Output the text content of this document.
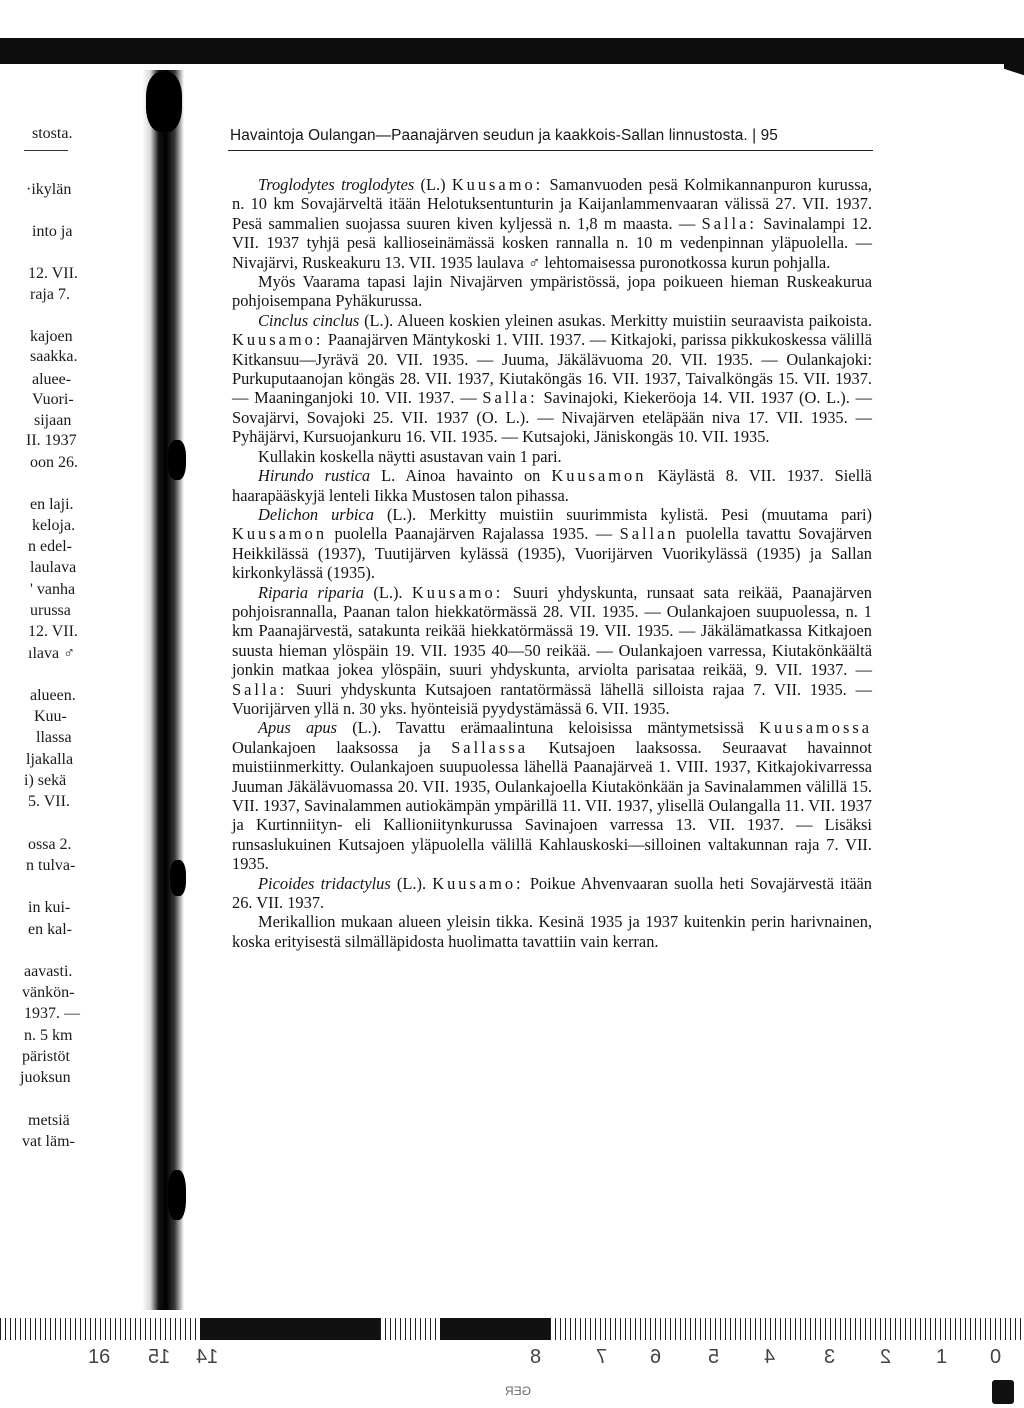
stosta.
·ikylän
into ja
12. VII.
raja 7.
kajoen
saakka.
aluee-
Vuori-
sijaan
II. 1937
oon 26.
en laji.
keloja.
n edel-
laulava
' vanha
urussa
12. VII.
ılava ♂
alueen.
Kuu-
llassa
ljakalla
i) sekä
5. VII.
ossa 2.
n tulva-
in kui-
en kal-
aavasti.
vänkön-
1937. —
n. 5 km
päristöt
juoksun
metsiä
vat läm-
Havaintoja Oulangan—Paanajärven seudun ja kaakkois-Sallan linnustosta. | 95

Troglodytes troglodytes (L.) Kuusamo: Samanvuoden pesä Kolmikannanpuron kurussa, n. 10 km Sovajärveltä itään Helotuksentunturin ja Kaijanlammenvaaran välissä 27. VII. 1937. Pesä sammalien suojassa suuren kiven kyljessä n. 1,8 m maasta. — Salla: Savinalampi 12. VII. 1937 tyhjä pesä kallioseinämässä kosken rannalla n. 10 m vedenpinnan yläpuolella. — Nivajärvi, Ruskeakuru 13. VII. 1935 laulava ♂ lehtomaisessa puronotkossa kurun pohjalla.

Myös Vaarama tapasi lajin Nivajärven ympäristössä, jopa poikueen hieman Ruskeakurua pohjoisempana Pyhäkurussa.

Cinclus cinclus (L.). Alueen koskien yleinen asukas. Merkitty muistiin seuraavista paikoista. Kuusamo: Paanajärven Mäntykoski 1. VIII. 1937. — Kitkajoki, parissa pikkukoskessa välillä Kitkansuu—Jyrävä 20. VII. 1935. — Juuma, Jäkälävuoma 20. VII. 1935. — Oulankajoki: Purkuputaanojan köngäs 28. VII. 1937, Kiutaköngäs 16. VII. 1937, Taivalköngäs 15. VII. 1937. — Maaninganjoki 10. VII. 1937. — Salla: Savinajoki, Kiekeröoja 14. VII. 1937 (O. L.). — Sovajärvi, Sovajoki 25. VII. 1937 (O. L.). — Nivajärven eteläpään niva 17. VII. 1935. — Pyhäjärvi, Kursuojankuru 16. VII. 1935. — Kutsajoki, Jäniskongäs 10. VII. 1935.

Kullakin koskella näytti asustavan vain 1 pari.

Hirundo rustica L. Ainoa havainto on Kuusamon Käylästä 8. VII. 1937. Siellä haarapääskyjä lenteli Iikka Mustosen talon pihassa.

Delichon urbica (L.). Merkitty muistiin suurimmista kylistä. Pesi (muutama pari) Kuusamon puolella Paanajärven Rajalassa 1935. — Sallan puolella tavattu Sovajärven Heikkilässä (1937), Tuutijärven kylässä (1935), Vuorijärven Vuorikylässä (1935) ja Sallan kirkonkylässä (1935).

Riparia riparia (L.). Kuusamo: Suuri yhdyskunta, runsaat sata reikää, Paanajärven pohjoisrannalla, Paanan talon hiekkatörmässä 28. VII. 1935. — Oulankajoen suupuolessa, n. 1 km Paanajärvestä, satakunta reikää hiekkatörmässä 19. VII. 1935. — Jäkälämatkassa Kitkajoen suusta hieman ylöspäin 19. VII. 1935 40—50 reikää. — Oulankajoen varressa, Kiutakönkäältä jonkin matkaa jokea ylöspäin, suuri yhdyskunta, arviolta parisataa reikää, 9. VII. 1937. — Salla: Suuri yhdyskunta Kutsajoen rantatörmässä lähellä silloista rajaa 7. VII. 1935. — Vuorijärven yllä n. 30 yks. hyönteisiä pyydystämässä 6. VII. 1935.

Apus apus (L.). Tavattu erämaalintuna keloisissa mäntymetsissä Kuusamossa Oulankajoen laaksossa ja Sallassa Kutsajoen laaksossa. Seuraavat havainnot muistiinmerkitty. Oulankajoen suupuolessa lähellä Paanajärveä 1. VIII. 1937, Kitkajokivarressa Juuman Jäkälävuomassa 20. VII. 1935, Oulankajoella Kiutakönkään ja Savinalammen välillä 15. VII. 1937, Savinalammen autiokämpän ympärillä 11. VII. 1937, ylisellä Oulangalla 11. VII. 1937 ja Kurtinniityn- eli Kallioniitynkurussa Savinajoen varressa 13. VII. 1937. — Lisäksi runsaslukuinen Kutsajoen yläpuolella välillä Kahlauskoski—silloinen valtakunnan raja 7. VII. 1935.

Picoides tridactylus (L.). Kuusamo: Poikue Ahvenvaaran suolla heti Sovajärvestä itään 26. VII. 1937.

Merikallion mukaan alueen yleisin tikka. Kesinä 1935 ja 1937 kuitenkin perin harivnainen, koska erityisestä silmälläpidosta huolimatta tavattiin vain kerran.

16 15 14	8	7 6 5 4 3 2 1 0
GER
